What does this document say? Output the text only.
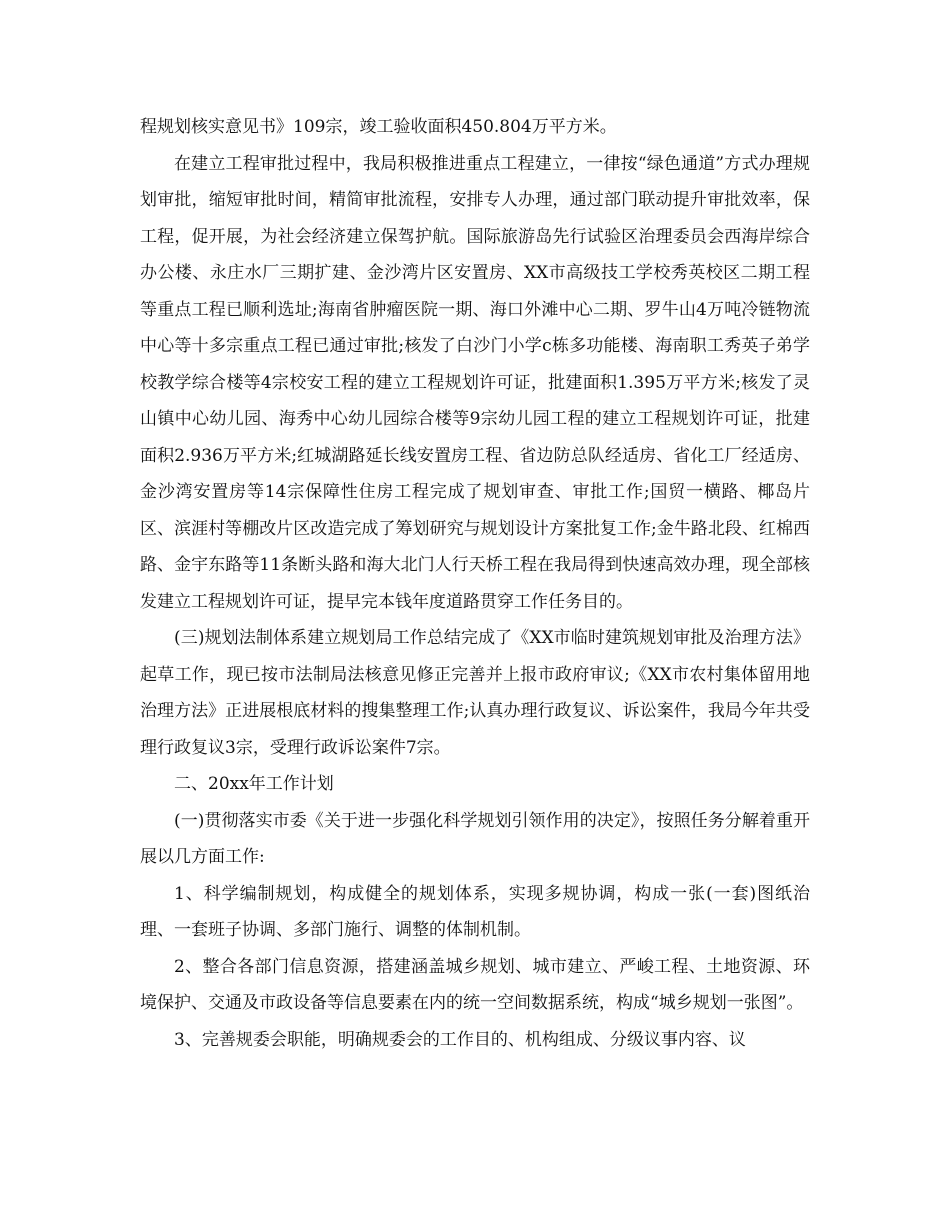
程规划核实意见书》109宗，竣工验收面积450.804万平方米。

在建立工程审批过程中，我局积极推进重点工程建立，一律按“绿色通道”方式办理规划审批，缩短审批时间，精简审批流程，安排专人办理，通过部门联动提升审批效率，保工程，促开展，为社会经济建立保驾护航。国际旅游岛先行试验区治理委员会西海岸综合办公楼、永庄水厂三期扩建、金沙湾片区安置房、XX市高级技工学校秀英校区二期工程等重点工程已顺利选址;海南省肿瘤医院一期、海口外滩中心二期、罗牛山4万吨冷链物流中心等十多宗重点工程已通过审批;核发了白沙门小学c栋多功能楼、海南职工秀英子弟学校教学综合楼等4宗校安工程的建立工程规划许可证，批建面积1.395万平方米;核发了灵山镇中心幼儿园、海秀中心幼儿园综合楼等9宗幼儿园工程的建立工程规划许可证，批建面积2.936万平方米;红城湖路延长线安置房工程、省边防总队经适房、省化工厂经适房、金沙湾安置房等14宗保障性住房工程完成了规划审查、审批工作;国贸一横路、椰岛片区、滨涯村等棚改片区改造完成了筹划研究与规划设计方案批复工作;金牛路北段、红棉西路、金宇东路等11条断头路和海大北门人行天桥工程在我局得到快速高效办理，现全部核发建立工程规划许可证，提早完本钱年度道路贯穿工作任务目的。

(三)规划法制体系建立规划局工作总结完成了《XX市临时建筑规划审批及治理方法》起草工作，现已按市法制局法核意见修正完善并上报市政府审议;《XX市农村集体留用地治理方法》正进展根底材料的搜集整理工作;认真办理行政复议、诉讼案件，我局今年共受理行政复议3宗，受理行政诉讼案件7宗。

二、20xx年工作计划

(一)贯彻落实市委《关于进一步强化科学规划引领作用的决定》，按照任务分解着重开展以几方面工作:

1、科学编制规划，构成健全的规划体系，实现多规协调，构成一张(一套)图纸治理、一套班子协调、多部门施行、调整的体制机制。

2、整合各部门信息资源，搭建涵盖城乡规划、城市建立、严峻工程、土地资源、环境保护、交通及市政设备等信息要素在内的统一空间数据系统，构成“城乡规划一张图”。

3、完善规委会职能，明确规委会的工作目的、机构组成、分级议事内容、议
